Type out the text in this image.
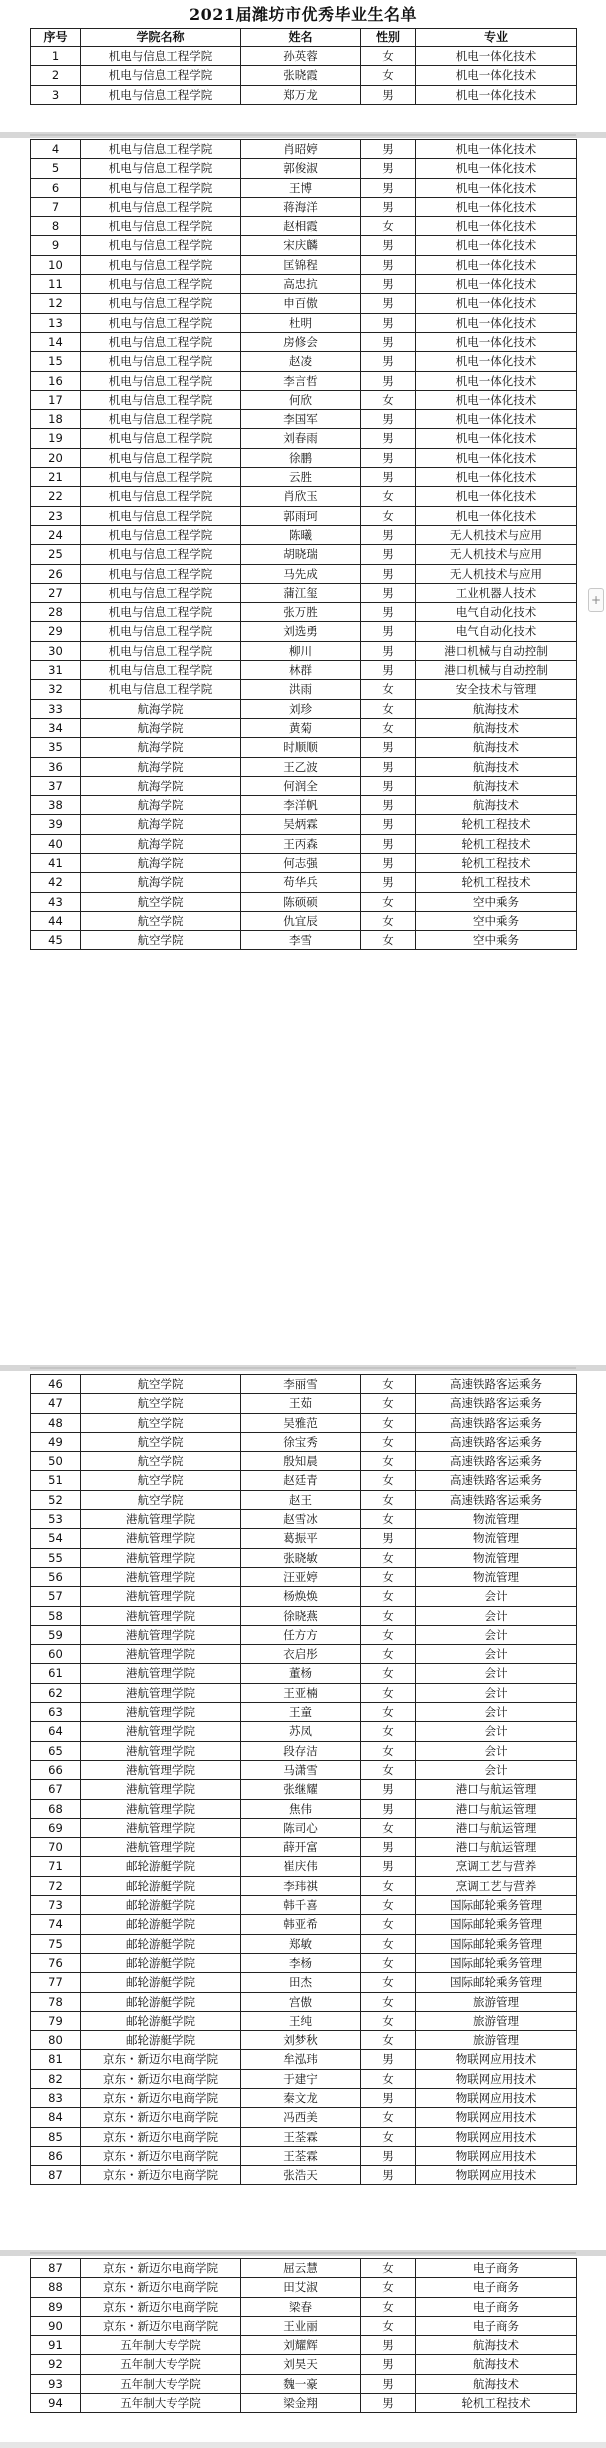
2021届潍坊市优秀毕业生名单
序号	学院名称	姓名	性别	专业
1	机电与信息工程学院	孙英蓉	女	机电一体化技术
2	机电与信息工程学院	张晓霞	女	机电一体化技术
3	机电与信息工程学院	郑万龙	男	机电一体化技术
4	机电与信息工程学院	肖昭婷	男	机电一体化技术
5	机电与信息工程学院	郭俊淑	男	机电一体化技术
6	机电与信息工程学院	王博	男	机电一体化技术
7	机电与信息工程学院	蒋海洋	男	机电一体化技术
8	机电与信息工程学院	赵相霞	女	机电一体化技术
9	机电与信息工程学院	宋庆麟	男	机电一体化技术
10	机电与信息工程学院	匡锦程	男	机电一体化技术
11	机电与信息工程学院	高忠抗	男	机电一体化技术
12	机电与信息工程学院	申百傲	男	机电一体化技术
13	机电与信息工程学院	杜明	男	机电一体化技术
14	机电与信息工程学院	房修会	男	机电一体化技术
15	机电与信息工程学院	赵凌	男	机电一体化技术
16	机电与信息工程学院	李言哲	男	机电一体化技术
17	机电与信息工程学院	何欣	女	机电一体化技术
18	机电与信息工程学院	李国军	男	机电一体化技术
19	机电与信息工程学院	刘春雨	男	机电一体化技术
20	机电与信息工程学院	徐鹏	男	机电一体化技术
21	机电与信息工程学院	云胜	男	机电一体化技术
22	机电与信息工程学院	肖欣玉	女	机电一体化技术
23	机电与信息工程学院	郭雨珂	女	机电一体化技术
24	机电与信息工程学院	陈曦	男	无人机技术与应用
25	机电与信息工程学院	胡晓瑞	男	无人机技术与应用
26	机电与信息工程学院	马先成	男	无人机技术与应用
27	机电与信息工程学院	蒲江玺	男	工业机器人技术
28	机电与信息工程学院	张万胜	男	电气自动化技术
29	机电与信息工程学院	刘选勇	男	电气自动化技术
30	机电与信息工程学院	柳川	男	港口机械与自动控制
31	机电与信息工程学院	林群	男	港口机械与自动控制
32	机电与信息工程学院	洪雨	女	安全技术与管理
33	航海学院	刘珍	女	航海技术
34	航海学院	黄菊	女	航海技术
35	航海学院	时顺顺	男	航海技术
36	航海学院	王乙波	男	航海技术
37	航海学院	何润全	男	航海技术
38	航海学院	李洋帆	男	航海技术
39	航海学院	吴炳霖	男	轮机工程技术
40	航海学院	王丙森	男	轮机工程技术
41	航海学院	何志强	男	轮机工程技术
42	航海学院	苟华兵	男	轮机工程技术
43	航空学院	陈硕硕	女	空中乘务
44	航空学院	仇宜辰	女	空中乘务
45	航空学院	李雪	女	空中乘务
46	航空学院	李丽雪	女	高速铁路客运乘务
47	航空学院	王茹	女	高速铁路客运乘务
48	航空学院	吴雅范	女	高速铁路客运乘务
49	航空学院	徐宝秀	女	高速铁路客运乘务
50	航空学院	殷知晨	女	高速铁路客运乘务
51	航空学院	赵廷青	女	高速铁路客运乘务
52	航空学院	赵王	女	高速铁路客运乘务
53	港航管理学院	赵雪冰	女	物流管理
54	港航管理学院	葛振平	男	物流管理
55	港航管理学院	张晓敏	女	物流管理
56	港航管理学院	汪亚婷	女	物流管理
57	港航管理学院	杨焕焕	女	会计
58	港航管理学院	徐晓燕	女	会计
59	港航管理学院	任方方	女	会计
60	港航管理学院	衣启彤	女	会计
61	港航管理学院	董杨	女	会计
62	港航管理学院	王亚楠	女	会计
63	港航管理学院	王童	女	会计
64	港航管理学院	苏凤	女	会计
65	港航管理学院	段存洁	女	会计
66	港航管理学院	马潇雪	女	会计
67	港航管理学院	张继耀	男	港口与航运管理
68	港航管理学院	焦伟	男	港口与航运管理
69	港航管理学院	陈司心	女	港口与航运管理
70	港航管理学院	薛开富	男	港口与航运管理
71	邮轮游艇学院	崔庆伟	男	烹调工艺与营养
72	邮轮游艇学院	李玮祺	女	烹调工艺与营养
73	邮轮游艇学院	韩千喜	女	国际邮轮乘务管理
74	邮轮游艇学院	韩亚希	女	国际邮轮乘务管理
75	邮轮游艇学院	郑敏	女	国际邮轮乘务管理
76	邮轮游艇学院	李杨	女	国际邮轮乘务管理
77	邮轮游艇学院	田杰	女	国际邮轮乘务管理
78	邮轮游艇学院	宫傲	女	旅游管理
79	邮轮游艇学院	王纯	女	旅游管理
80	邮轮游艇学院	刘梦秋	女	旅游管理
81	京东・新迈尔电商学院	牟泓玮	男	物联网应用技术
82	京东・新迈尔电商学院	于建宁	女	物联网应用技术
83	京东・新迈尔电商学院	秦文龙	男	物联网应用技术
84	京东・新迈尔电商学院	冯西美	女	物联网应用技术
85	京东・新迈尔电商学院	王荃霖	女	物联网应用技术
86	京东・新迈尔电商学院	王荃霖	男	物联网应用技术
87	京东・新迈尔电商学院	张浩天	男	物联网应用技术
87	京东・新迈尔电商学院	屈云慧	女	电子商务
88	京东・新迈尔电商学院	田艾淑	女	电子商务
89	京东・新迈尔电商学院	梁春	女	电子商务
90	京东・新迈尔电商学院	王业丽	女	电子商务
91	五年制大专学院	刘耀辉	男	航海技术
92	五年制大专学院	刘昊天	男	航海技术
93	五年制大专学院	魏一豪	男	航海技术
94	五年制大专学院	梁金翔	男	轮机工程技术
+
